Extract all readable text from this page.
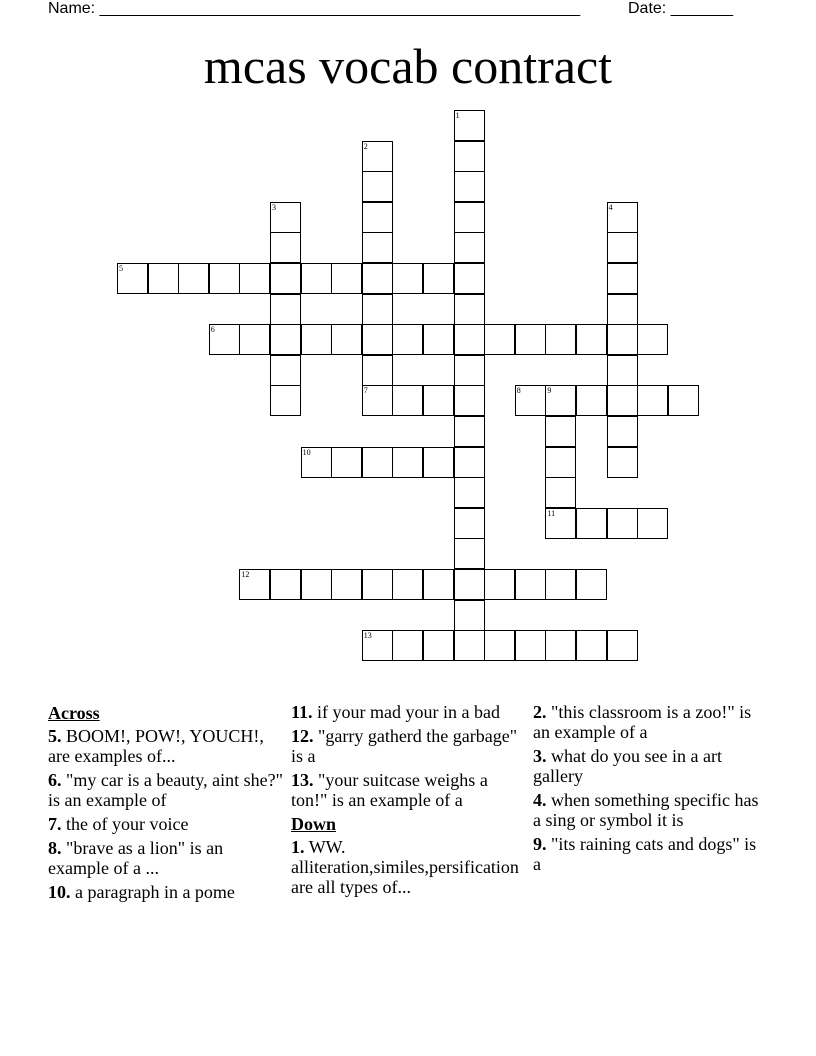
Name: ______________________________________________________	Date: _______
mcas vocab contract
1
2
3	4
5
6
7	8	9
11
10
12
13
Across
5. BOOM!, POW!, YOUCH!, are examples of...
6. "my car is a beauty, aint she?" is an example of
7. the of your voice
8. "brave as a lion" is an example of a ...
10. a paragraph in a pome
11. if your mad your in a bad
12. "garry gatherd the garbage" is a
13. "your suitcase weighs a ton!" is an example of a
Down
1. WW.
alliteration,similes,persification
are all types of...
2. "this classroom is a zoo!" is an example of a
3. what do you see in a art gallery
4. when something specific has a sing or symbol it is
9. "its raining cats and dogs" is a
